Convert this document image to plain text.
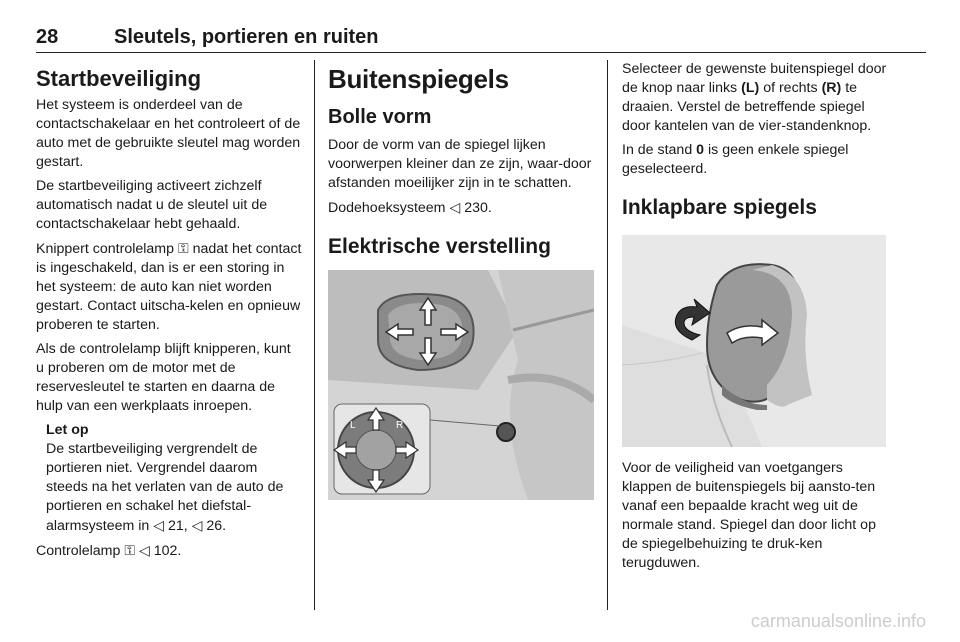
28	Sleutels, portieren en ruiten
Startbeveiliging

Het systeem is onderdeel van de contactschakelaar en het controleert of de auto met de gebruikte sleutel mag worden gestart.

De startbeveiliging activeert zichzelf automatisch nadat u de sleutel uit de contactschakelaar hebt gehaald.

Knippert controlelamp ⚿ nadat het contact is ingeschakeld, dan is er een storing in het systeem: de auto kan niet worden gestart. Contact uitscha-kelen en opnieuw proberen te starten.

Als de controlelamp blijft knipperen, kunt u proberen om de motor met de reservesleutel te starten en daarna de hulp van een werkplaats inroepen.

Let op

De startbeveiliging vergrendelt de portieren niet. Vergrendel daarom steeds na het verlaten van de auto de portieren en schakel het diefstal-alarmsysteem in ◁ 21, ◁ 26.

Controlelamp ⚿ ◁ 102.

Buitenspiegels
Bolle vorm

Door de vorm van de spiegel lijken voorwerpen kleiner dan ze zijn, waar-door afstanden moeilijker zijn in te schatten.

Dodehoeksysteem ◁ 230.

Elektrische verstelling
L	R

Selecteer de gewenste buitenspiegel door de knop naar links (L) of rechts (R) te draaien. Verstel de betreffende spiegel door kantelen van de vier-standenknop.

In de stand 0 is geen enkele spiegel geselecteerd.

Inklapbare spiegels

Voor de veiligheid van voetgangers klappen de buitenspiegels bij aansto-ten vanaf een bepaalde kracht weg uit de normale stand. Spiegel dan door licht op de spiegelbehuizing te druk-ken terugduwen.

carmanualsonline.info
